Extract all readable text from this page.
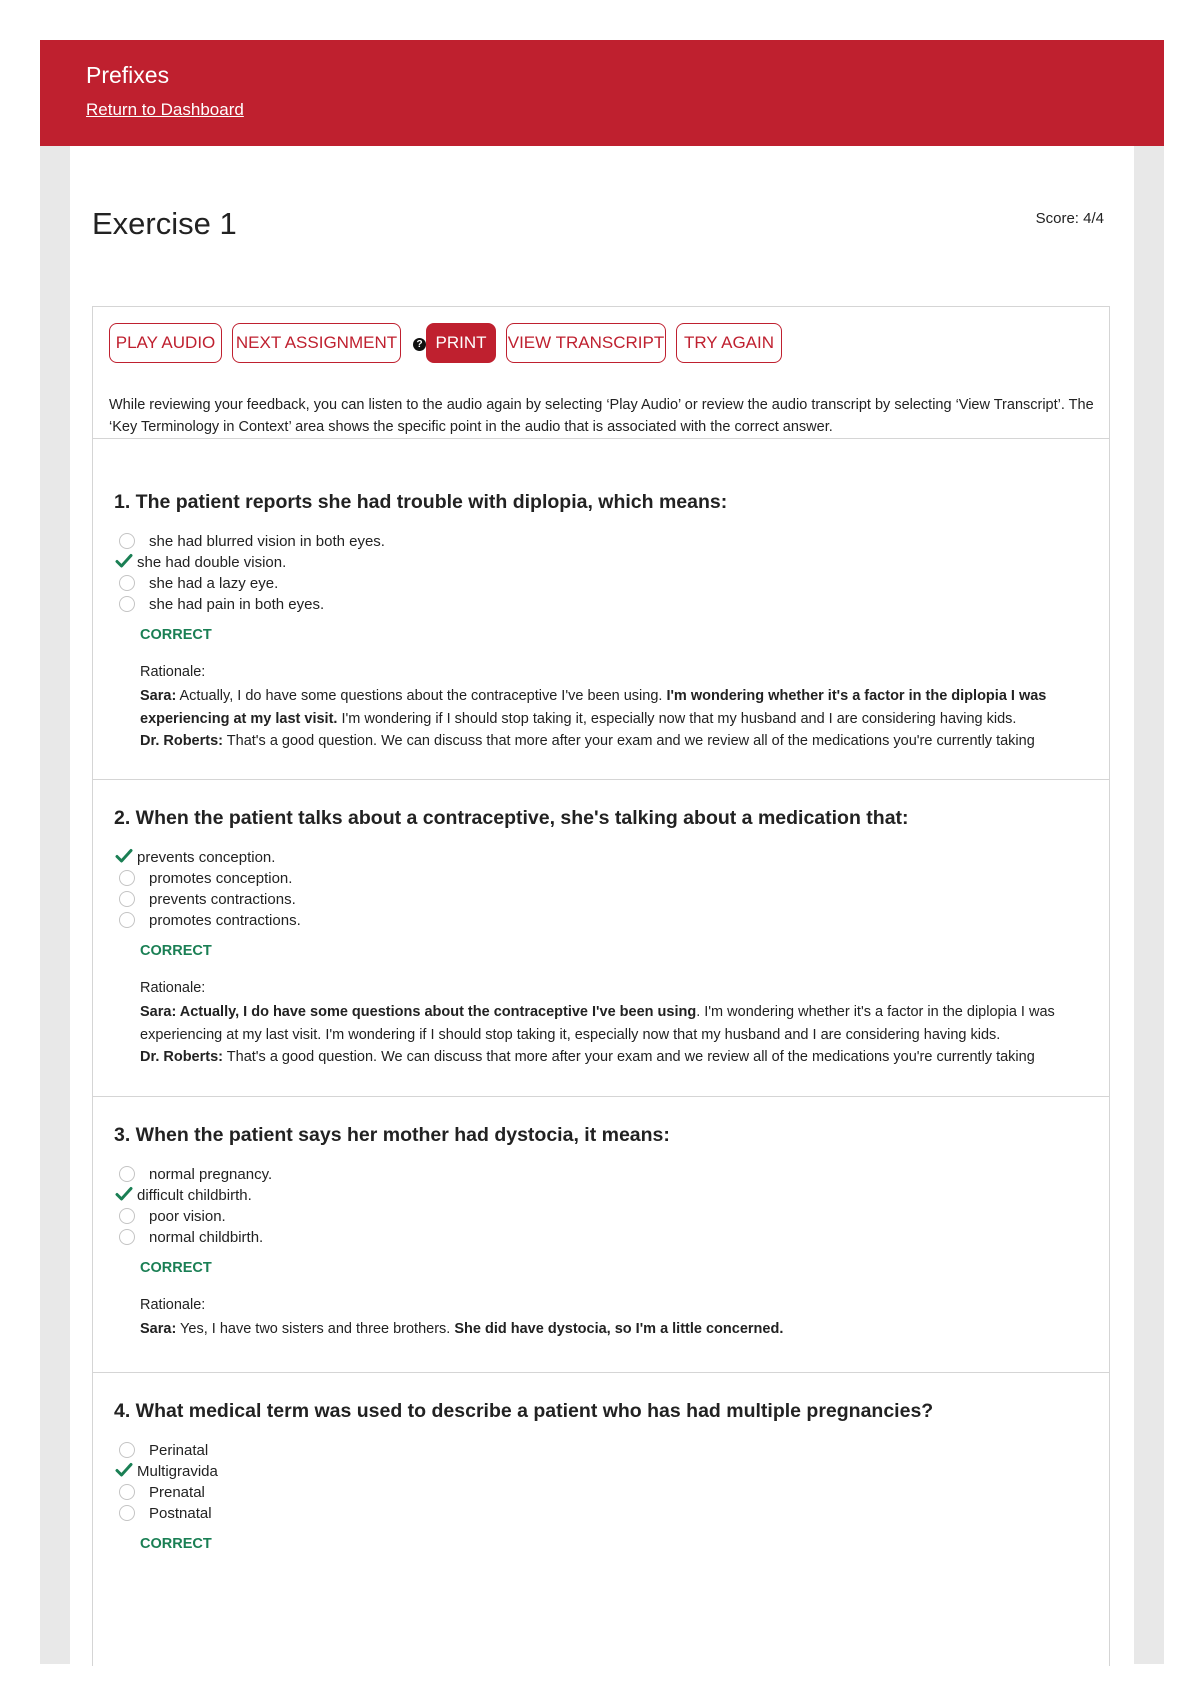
Prefixes
Return to Dashboard
Exercise 1	Score: 4/4
PLAY AUDIO	NEXT ASSIGNMENT	? PRINT	VIEW TRANSCRIPT	TRY AGAIN
While reviewing your feedback, you can listen to the audio again by selecting ‘Play Audio’ or review the audio transcript by selecting ‘View Transcript’. The ‘Key Terminology in Context’ area shows the specific point in the audio that is associated with the correct answer.
1. The patient reports she had trouble with diplopia, which means:
she had blurred vision in both eyes.
she had double vision.
she had a lazy eye.
she had pain in both eyes.
CORRECT
Rationale:
Sara: Actually, I do have some questions about the contraceptive I've been using. I'm wondering whether it's a factor in the diplopia I was experiencing at my last visit. I'm wondering if I should stop taking it, especially now that my husband and I are considering having kids.
Dr. Roberts: That's a good question. We can discuss that more after your exam and we review all of the medications you're currently taking
2. When the patient talks about a contraceptive, she's talking about a medication that:
prevents conception.
promotes conception.
prevents contractions.
promotes contractions.
CORRECT
Rationale:
Sara: Actually, I do have some questions about the contraceptive I've been using. I'm wondering whether it's a factor in the diplopia I was experiencing at my last visit. I'm wondering if I should stop taking it, especially now that my husband and I are considering having kids.
Dr. Roberts: That's a good question. We can discuss that more after your exam and we review all of the medications you're currently taking
3. When the patient says her mother had dystocia, it means:
normal pregnancy.
difficult childbirth.
poor vision.
normal childbirth.
CORRECT
Rationale:
Sara: Yes, I have two sisters and three brothers. She did have dystocia, so I'm a little concerned.
4. What medical term was used to describe a patient who has had multiple pregnancies?
Perinatal
Multigravida
Prenatal
Postnatal
CORRECT
